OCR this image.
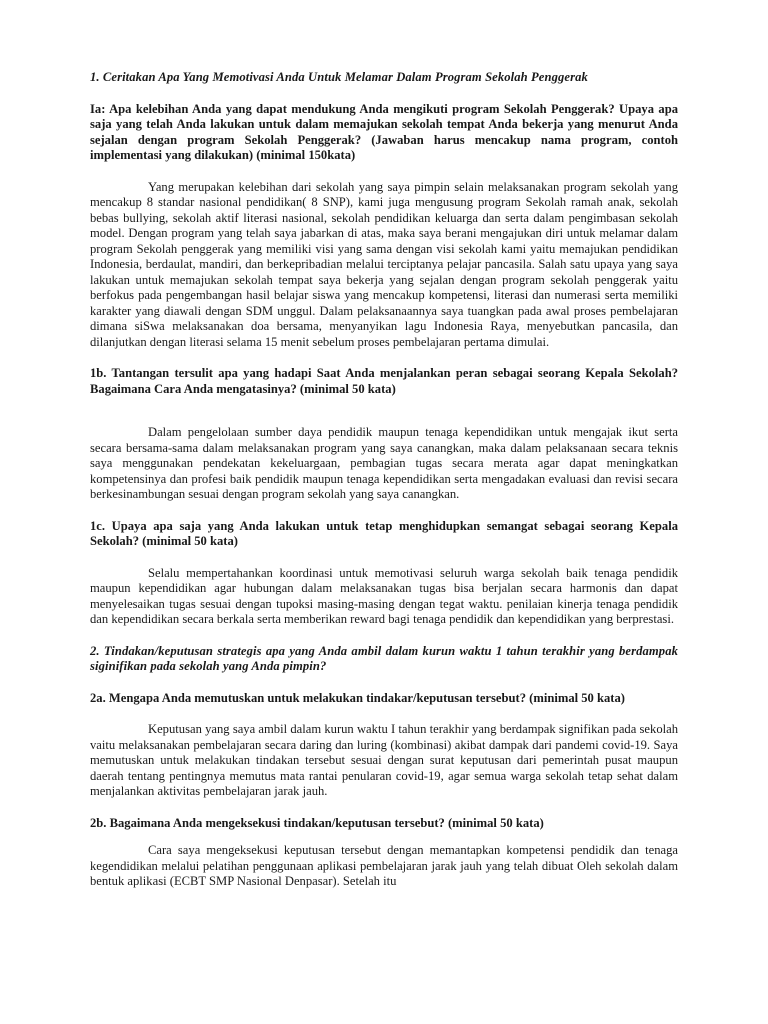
1. Ceritakan Apa Yang Memotivasi Anda Untuk Melamar Dalam Program Sekolah Penggerak

Ia: Apa kelebihan Anda yang dapat mendukung Anda mengikuti program Sekolah Penggerak? Upaya apa saja yang telah Anda lakukan untuk dalam memajukan sekolah tempat Anda bekerja yang menurut Anda sejalan dengan program Sekolah Penggerak? (Jawaban harus mencakup nama program, contoh implementasi yang dilakukan) (minimal 150kata)

Yang merupakan kelebihan dari sekolah yang saya pimpin selain melaksanakan program sekolah yang mencakup 8 standar nasional pendidikan( 8 SNP), kami juga mengusung program Sekolah ramah anak, sekolah bebas bullying, sekolah aktif literasi nasional, sekolah pendidikan keluarga dan serta dalam pengimbasan sekolah model. Dengan program yang telah saya jabarkan di atas, maka saya berani mengajukan diri untuk melamar dalam program Sekolah penggerak yang memiliki visi yang sama dengan visi sekolah kami yaitu memajukan pendidikan Indonesia, berdaulat, mandiri, dan berkepribadian melalui terciptanya pelajar pancasila. Salah satu upaya yang saya lakukan untuk memajukan sekolah tempat saya bekerja yang sejalan dengan program sekolah penggerak yaitu berfokus pada pengembangan hasil belajar siswa yang mencakup kompetensi, literasi dan numerasi serta memiliki karakter yang diawali dengan SDM unggul. Dalam pelaksanaannya saya tuangkan pada awal proses pembelajaran dimana siSwa melaksanakan doa bersama, menyanyikan lagu Indonesia Raya, menyebutkan pancasila, dan dilanjutkan dengan literasi selama 15 menit sebelum proses pembelajaran pertama dimulai.

1b. Tantangan tersulit apa yang hadapi Saat Anda menjalankan peran sebagai seorang Kepala Sekolah? Bagaimana Cara Anda mengatasinya? (minimal 50 kata)

Dalam pengelolaan sumber daya pendidik maupun tenaga kependidikan untuk mengajak ikut serta secara bersama-sama dalam melaksanakan program yang saya canangkan, maka dalam pelaksanaan secara teknis saya menggunakan pendekatan kekeluargaan, pembagian tugas secara merata agar dapat meningkatkan kompetensinya dan profesi baik pendidik maupun tenaga kependidikan serta mengadakan evaluasi dan revisi secara berkesinambungan sesuai dengan program sekolah yang saya canangkan.

1c. Upaya apa saja yang Anda lakukan untuk tetap menghidupkan semangat sebagai seorang Kepala Sekolah? (minimal 50 kata)

Selalu mempertahankan koordinasi untuk memotivasi seluruh warga sekolah baik tenaga pendidik maupun kependidikan agar hubungan dalam melaksanakan tugas bisa berjalan secara harmonis dan dapat menyelesaikan tugas sesuai dengan tupoksi masing-masing dengan tegat waktu. penilaian kinerja tenaga pendidik dan kependidikan secara berkala serta memberikan reward bagi tenaga pendidik dan kependidikan yang berprestasi.

2. Tindakan/keputusan strategis apa yang Anda ambil dalam kurun waktu 1 tahun terakhir yang berdampak siginifikan pada sekolah yang Anda pimpin?

2a. Mengapa Anda memutuskan untuk melakukan tindakar/keputusan tersebut? (minimal 50 kata)

Keputusan yang saya ambil dalam kurun waktu I tahun terakhir yang berdampak signifikan pada sekolah vaitu melaksanakan pembelajaran secara daring dan luring (kombinasi) akibat dampak dari pandemi covid-19. Saya memutuskan untuk melakukan tindakan tersebut sesuai dengan surat keputusan dari pemerintah pusat maupun daerah tentang pentingnya memutus mata rantai penularan covid-19, agar semua warga sekolah tetap sehat dalam menjalankan aktivitas pembelajaran jarak jauh.

2b. Bagaimana Anda mengeksekusi tindakan/keputusan tersebut? (minimal 50 kata)

Cara saya mengeksekusi keputusan tersebut dengan memantapkan kompetensi pendidik dan tenaga kegendidikan melalui pelatihan penggunaan aplikasi pembelajaran jarak jauh yang telah dibuat Oleh sekolah dalam bentuk aplikasi (ECBT SMP Nasional Denpasar). Setelah itu
